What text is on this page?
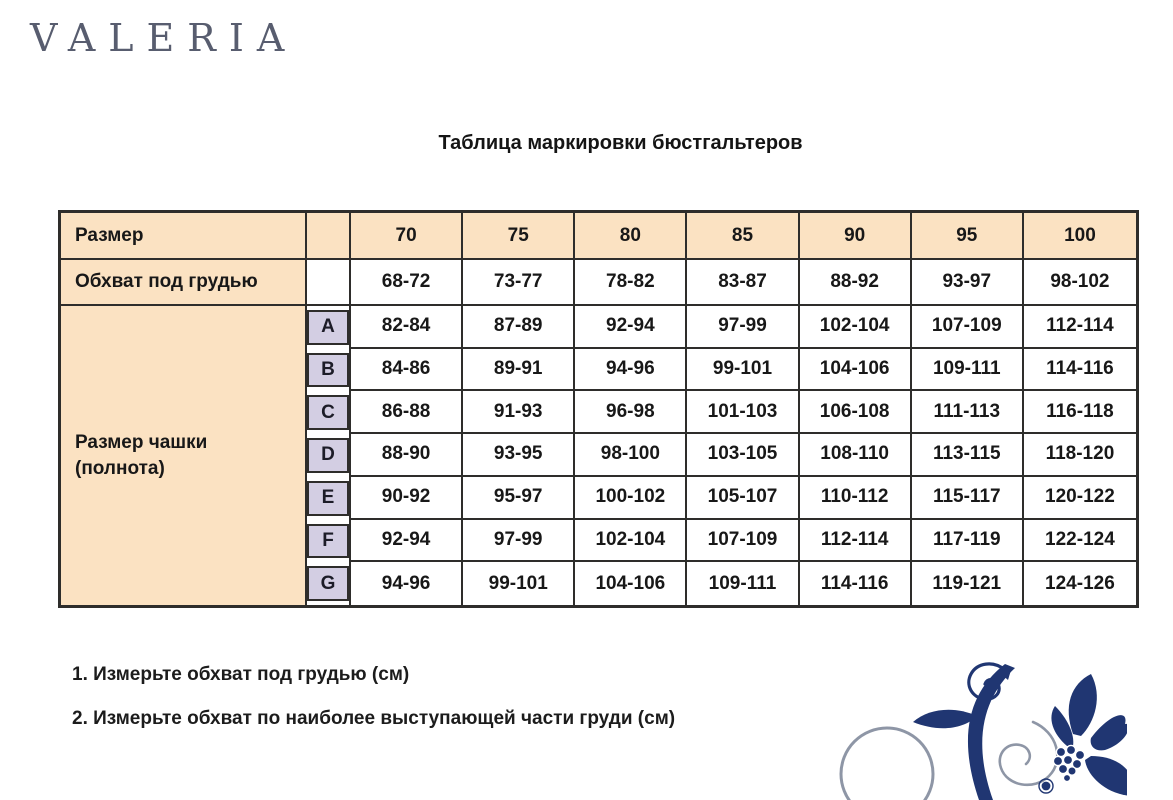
VALERIA
Таблица маркировки бюстгальтеров
Размер	70	75	80	85	90	95	100
Обхват под грудью	68-72	73-77	78-82	83-87	88-92	93-97	98-102
Размер чашки
(полнота)
A	82-84	87-89	92-94	97-99	102-104	107-109	112-114
B	84-86	89-91	94-96	99-101	104-106	109-111	114-116
C	86-88	91-93	96-98	101-103	106-108	111-113	116-118
D	88-90	93-95	98-100	103-105	108-110	113-115	118-120
E	90-92	95-97	100-102	105-107	110-112	115-117	120-122
F	92-94	97-99	102-104	107-109	112-114	117-119	122-124
G	94-96	99-101	104-106	109-111	114-116	119-121	124-126
1. Измерьте обхват под грудью (см)
2. Измерьте обхват по наиболее выступающей части груди (см)
